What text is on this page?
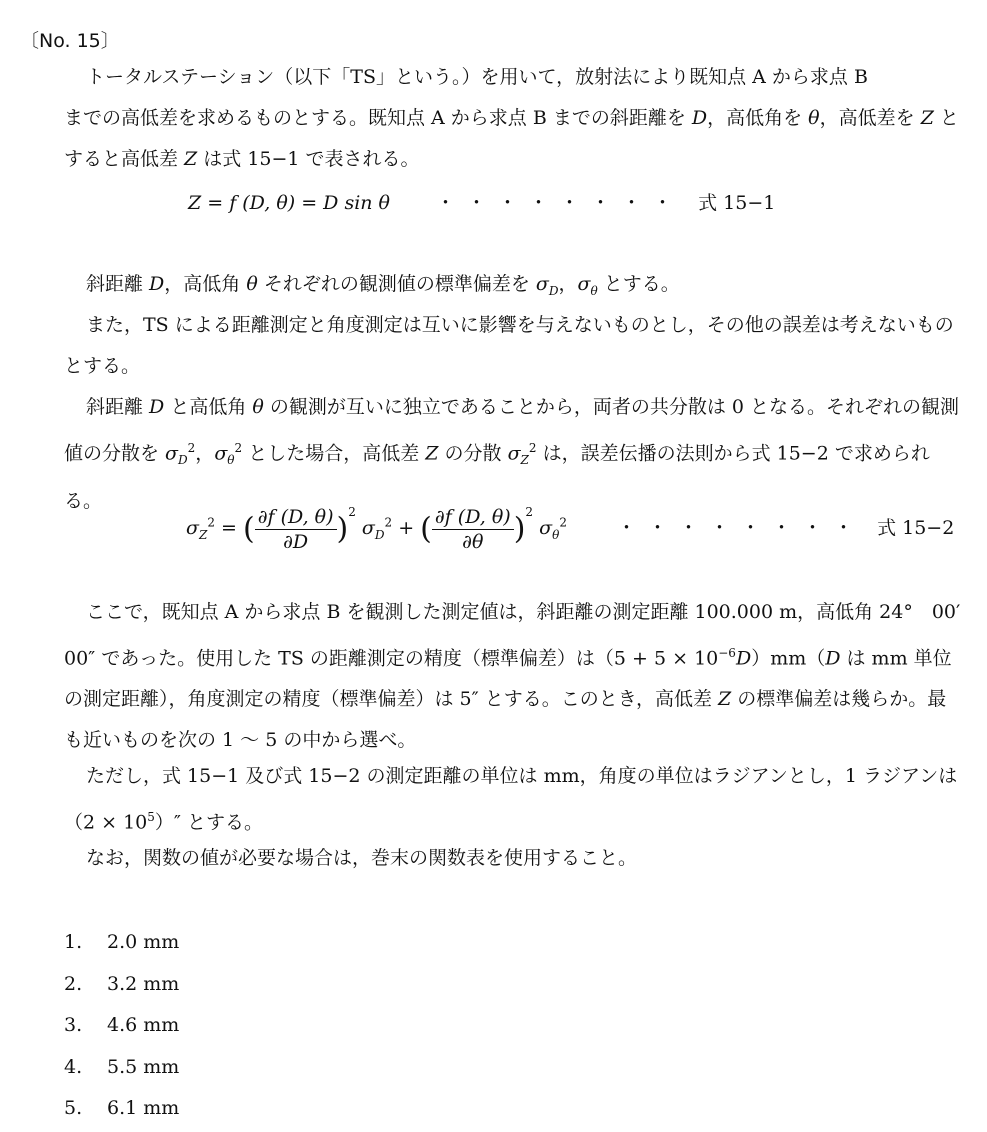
〔No. 15〕

トータルステーション（以下「TS」という。）を用いて，放射法により既知点 A から求点 B
までの高低差を求めるものとする。既知点 A から求点 B までの斜距離を D，高低角を θ，高低差を Z とすると高低差 Z は式 15−1 で表される。

Z = f (D, θ) = D sin θ ・・・・・・・・ 式 15−1

斜距離 D，高低角 θ それぞれの観測値の標準偏差を $\sigma_D$，$\sigma_\theta$ とする。

また，TS による距離測定と角度測定は互いに影響を与えないものとし，その他の誤差は考えないものとする。

斜距離 D と高低角 θ の観測が互いに独立であることから，両者の共分散は 0 となる。それぞれの観測値の分散を $\sigma_D^2$，$\sigma_\theta^2$ とした場合，高低差 Z の分散 $\sigma_Z^2$ は，誤差伝播の法則から式 15−2 で求められる。

$\sigma_Z^2$ = ( $\frac{\partial f (D, \theta)}{\partial D} )^2$ $\sigma_D^2$ + ( $\frac{\partial f (D, \theta)}{\partial\theta} )^2$ $\sigma_\theta^2$	・・・・・・・・ 式 15−2

ここで，既知点 A から求点 B を観測した測定値は，斜距離の測定距離 100.000 m，高低角 24°　00′　00″ であった。使用した TS の距離測定の精度（標準偏差）は$(5 + 5 \times 10^{-6}D)mm(D$ は mm 単位の測定距離），角度測定の精度（標準偏差）は 5″ とする。このとき，高低差 Z の標準偏差は幾らか。最も近いものを次の 1 〜 5 の中から選べ。

ただし，式 15−1 及び式 15−2 の測定距離の単位は mm，角度の単位はラジアンとし，1 ラジアンは$(2 \times 10^5)''$ とする。

なお，関数の値が必要な場合は，巻末の関数表を使用すること。

1. 2.0 mm
2. 3.2 mm
3. 4.6 mm
4. 5.5 mm
5. 6.1 mm
